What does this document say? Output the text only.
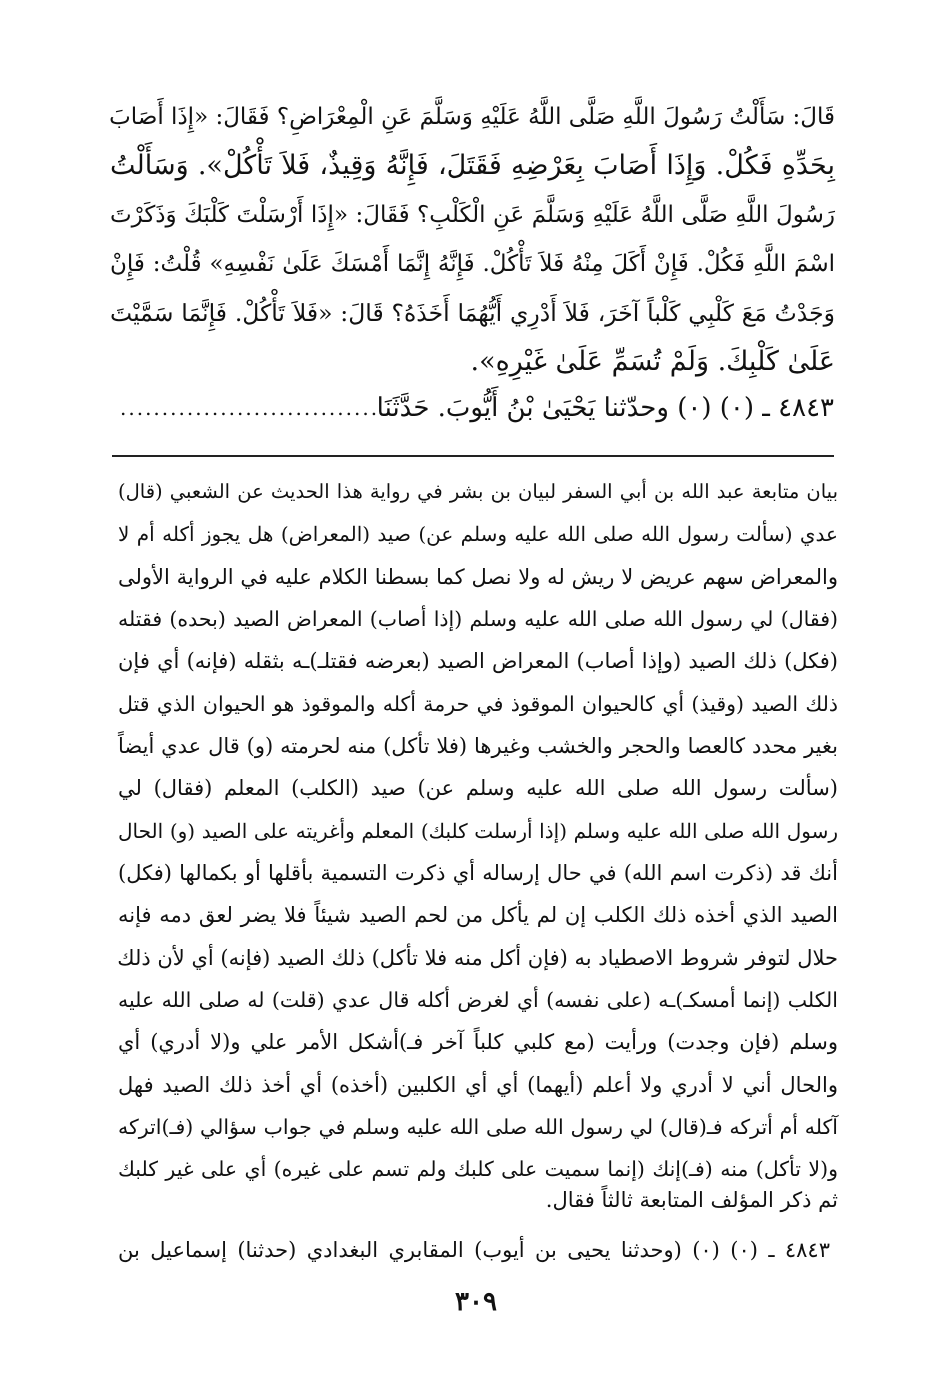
قَالَ: سَأَلْتُ رَسُولَ اللَّهِ صَلَّى اللَّهُ عَلَيْهِ وَسَلَّمَ عَنِ الْمِعْرَاضِ؟ فَقَالَ: «إِذَا أَصَابَ
بِحَدِّهِ فَكُلْ. وَإِذَا أَصَابَ بِعَرْضِهِ فَقَتَلَ، فَإِنَّهُ وَقِيذٌ، فَلاَ تَأْكُلْ». وَسَأَلْتُ
رَسُولَ اللَّهِ صَلَّى اللَّهُ عَلَيْهِ وَسَلَّمَ عَنِ الْكَلْبِ؟ فَقَالَ: «إِذَا أَرْسَلْتَ كَلْبَكَ وَذَكَرْتَ
اسْمَ اللَّهِ فَكُلْ. فَإِنْ أَكَلَ مِنْهُ فَلاَ تَأْكُلْ. فَإِنَّهُ إِنَّمَا أَمْسَكَ عَلَىٰ نَفْسِهِ» قُلْتُ: فَإِنْ
وَجَدْتُ مَعَ كَلْبِي كَلْباً آخَرَ، فَلاَ أَدْرِي أَيُّهُمَا أَخَذَهُ؟ قَالَ: «فَلاَ تَأْكُلْ. فَإِنَّمَا سَمَّيْتَ
عَلَىٰ كَلْبِكَ. وَلَمْ تُسَمِّ عَلَىٰ غَيْرِهِ».
٤٨٤٣ ـ (٠) (٠) وحدّثنا يَحْيَىٰ بْنُ أَيُّوبَ. حَدَّثَنَا
...............................
بيان متابعة عبد الله بن أبي السفر لبيان بن بشر في رواية هذا الحديث عن الشعبي (قال)
عدي (سألت رسول الله صلى الله عليه وسلم عن) صيد (المعراض) هل يجوز أكله أم لا
والمعراض سهم عريض لا ريش له ولا نصل كما بسطنا الكلام عليه في الرواية الأولى
(فقال) لي رسول الله صلى الله عليه وسلم (إذا أصاب) المعراض الصيد (بحده) فقتله
(فكل) ذلك الصيد (وإذا أصاب) المعراض الصيد (بعرضه فقتلـ)ـه بثقله (فإنه) أي فإن
ذلك الصيد (وقيذ) أي كالحيوان الموقوذ في حرمة أكله والموقوذ هو الحيوان الذي قتل
بغير محدد كالعصا والحجر والخشب وغيرها (فلا تأكل) منه لحرمته (و) قال عدي أيضاً
(سألت رسول الله صلى الله عليه وسلم عن) صيد (الكلب) المعلم (فقال) لي
رسول الله صلى الله عليه وسلم (إذا أرسلت كلبك) المعلم وأغريته على الصيد (و) الحال
أنك قد (ذكرت اسم الله) في حال إرساله أي ذكرت التسمية بأقلها أو بكمالها (فكل)
الصيد الذي أخذه ذلك الكلب إن لم يأكل من لحم الصيد شيئاً فلا يضر لعق دمه فإنه
حلال لتوفر شروط الاصطياد به (فإن أكل منه فلا تأكل) ذلك الصيد (فإنه) أي لأن ذلك
الكلب (إنما أمسكـ)ـه (على نفسه) أي لغرض أكله قال عدي (قلت) له صلى الله عليه
وسلم (فإن وجدت) ورأيت (مع كلبي كلباً آخر فـ)أشكل الأمر علي و(لا أدري) أي
والحال أني لا أدري ولا أعلم (أيهما) أي أي الكلبين (أخذه) أي أخذ ذلك الصيد فهل
آكله أم أتركه فـ(قال) لي رسول الله صلى الله عليه وسلم في جواب سؤالي (فـ)اتركه
و(لا تأكل) منه (فـ)إنك (إنما سميت على كلبك ولم تسم على غيره) أي على غير كلبك
ثم ذكر المؤلف المتابعة ثالثاً فقال.
٤٨٤٣ ـ (٠) (٠) (وحدثنا يحيى بن أيوب) المقابري البغدادي (حدثنا) إسماعيل بن
٣٠٩
